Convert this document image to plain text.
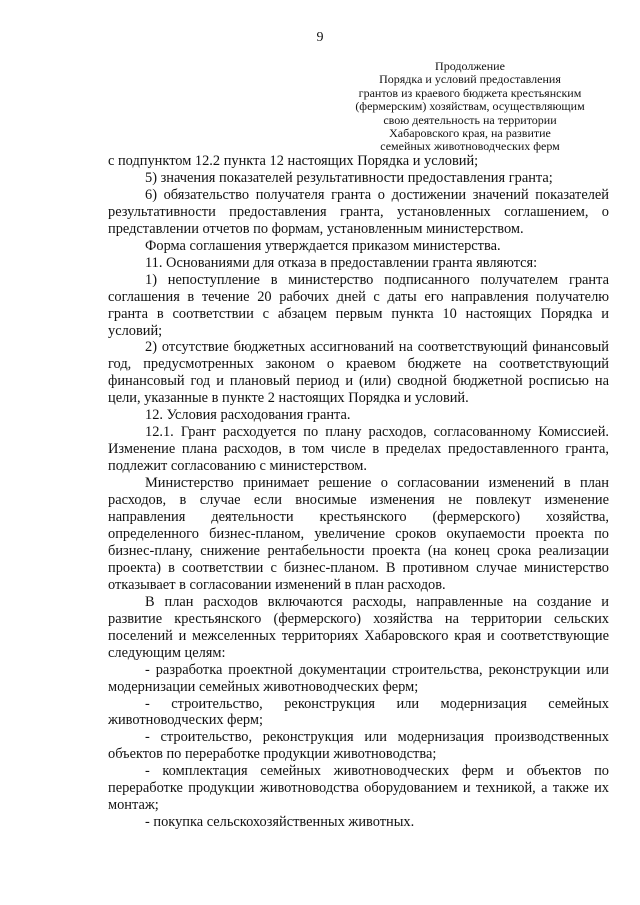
9
Продолжение
Порядка и условий предоставления
грантов из краевого бюджета крестьянским
(фермерским) хозяйствам, осуществляющим
свою деятельность на территории
Хабаровского края, на развитие
семейных животноводческих ферм

с подпунктом 12.2 пункта 12 настоящих Порядка и условий;

5) значения показателей результативности предоставления гранта;

6) обязательство получателя гранта о достижении значений показателей результативности предоставления гранта, установленных соглашением, о представлении отчетов по формам, установленным министерством.

Форма соглашения утверждается приказом министерства.

11. Основаниями для отказа в предоставлении гранта являются:

1) непоступление в министерство подписанного получателем гранта соглашения в течение 20 рабочих дней с даты его направления получателю гранта в соответствии с абзацем первым пункта 10 настоящих Порядка и условий;

2) отсутствие бюджетных ассигнований на соответствующий финансовый год, предусмотренных законом о краевом бюджете на соответствующий финансовый год и плановый период и (или) сводной бюджетной росписью на цели, указанные в пункте 2 настоящих Порядка и условий.

12. Условия расходования гранта.

12.1. Грант расходуется по плану расходов, согласованному Комиссией. Изменение плана расходов, в том числе в пределах предоставленного гранта, подлежит согласованию с министерством.

Министерство принимает решение о согласовании изменений в план расходов, в случае если вносимые изменения не повлекут изменение направления деятельности крестьянского (фермерского) хозяйства, определенного бизнес-планом, увеличение сроков окупаемости проекта по бизнес-плану, снижение рентабельности проекта (на конец срока реализации проекта) в соответствии с бизнес-планом. В противном случае министерство отказывает в согласовании изменений в план расходов.

В план расходов включаются расходы, направленные на создание и развитие крестьянского (фермерского) хозяйства на территории сельских поселений и межселенных территориях Хабаровского края и соответствующие следующим целям:

- разработка проектной документации строительства, реконструкции или модернизации семейных животноводческих ферм;

- строительство, реконструкция или модернизация семейных животноводческих ферм;

- строительство, реконструкция или модернизация производственных объектов по переработке продукции животноводства;

- комплектация семейных животноводческих ферм и объектов по переработке продукции животноводства оборудованием и техникой, а также их монтаж;

- покупка сельскохозяйственных животных.
